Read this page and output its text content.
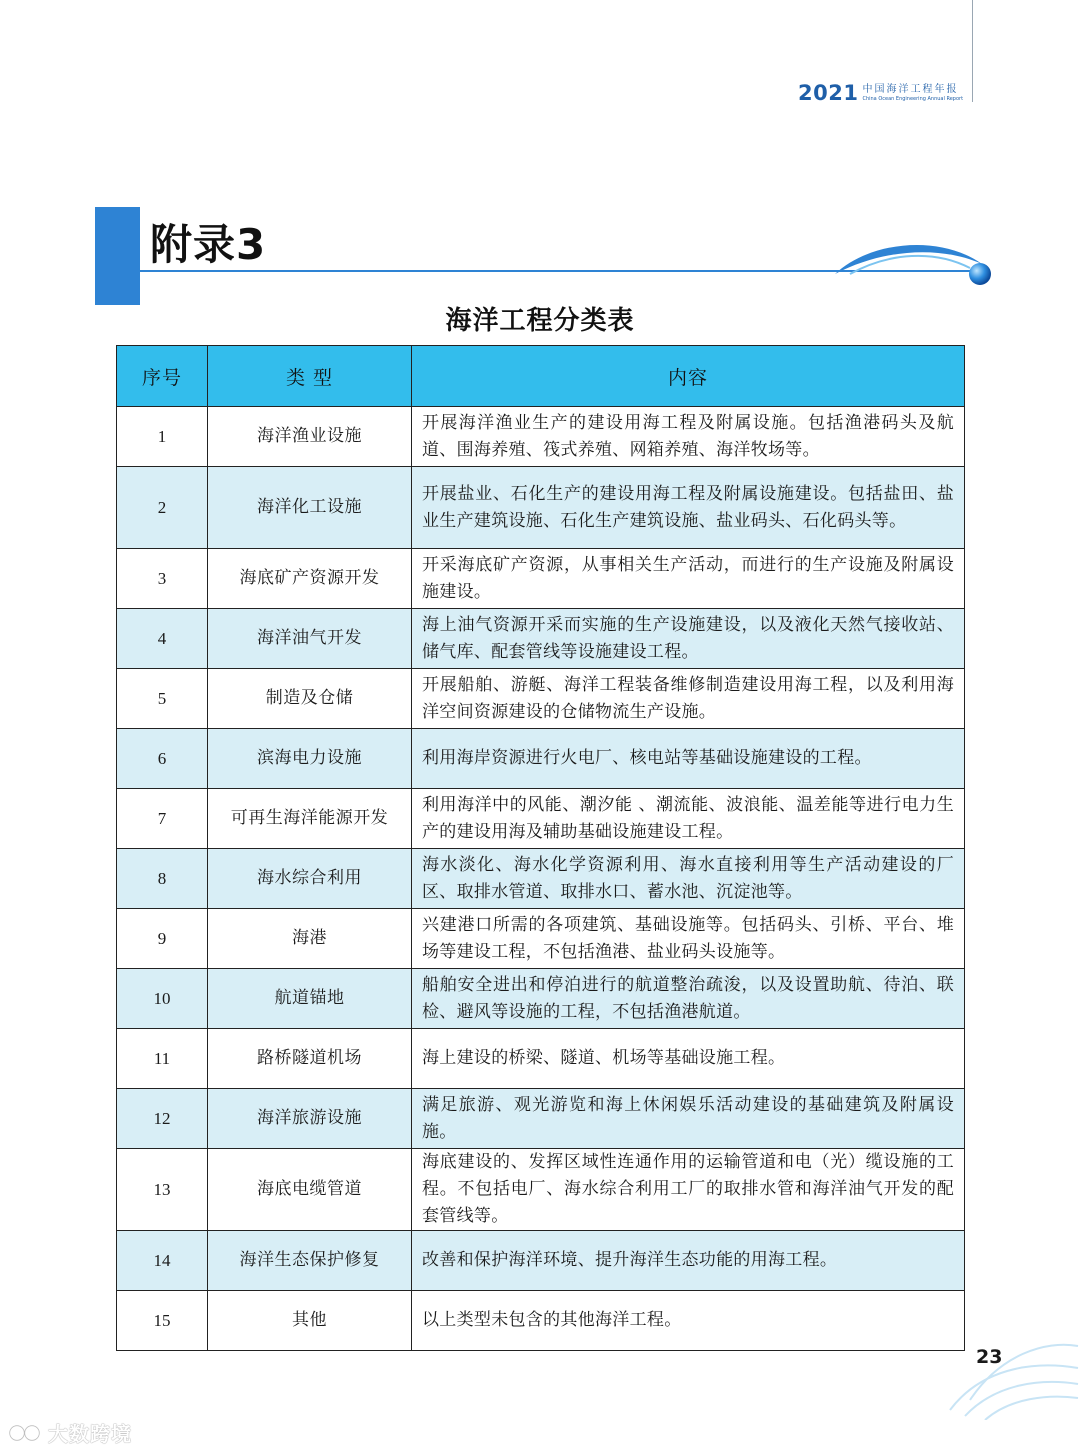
2021 中国海洋工程年报
China Ocean Engineering Annual Report
附录3
海洋工程分类表
序号	类 型	内容
1	海洋渔业设施	开展海洋渔业生产的建设用海工程及附属设施。包括渔港码头及航道、围海养殖、筏式养殖、网箱养殖、海洋牧场等。
2	海洋化工设施	开展盐业、石化生产的建设用海工程及附属设施建设。包括盐田、盐业生产建筑设施、石化生产建筑设施、盐业码头、石化码头等。
3	海底矿产资源开发	开采海底矿产资源，从事相关生产活动，而进行的生产设施及附属设施建设。
4	海洋油气开发	海上油气资源开采而实施的生产设施建设，以及液化天然气接收站、储气库、配套管线等设施建设工程。
5	制造及仓储	开展船舶、游艇、海洋工程装备维修制造建设用海工程，以及利用海洋空间资源建设的仓储物流生产设施。
6	滨海电力设施	利用海岸资源进行火电厂、核电站等基础设施建设的工程。
7	可再生海洋能源开发	利用海洋中的风能、潮汐能 、潮流能、波浪能、温差能等进行电力生产的建设用海及辅助基础设施建设工程。
8	海水综合利用	海水淡化、海水化学资源利用、海水直接利用等生产活动建设的厂区、取排水管道、取排水口、蓄水池、沉淀池等。
9	海港	兴建港口所需的各项建筑、基础设施等。包括码头、引桥、平台、堆场等建设工程，不包括渔港、盐业码头设施等。
10	航道锚地	船舶安全进出和停泊进行的航道整治疏浚，以及设置助航、待泊、联检、避风等设施的工程，不包括渔港航道。
11	路桥隧道机场	海上建设的桥梁、隧道、机场等基础设施工程。
12	海洋旅游设施	满足旅游、观光游览和海上休闲娱乐活动建设的基础建筑及附属设施。
13	海底电缆管道	海底建设的、发挥区域性连通作用的运输管道和电（光）缆设施的工程。不包括电厂、海水综合利用工厂的取排水管和海洋油气开发的配套管线等。
14	海洋生态保护修复	改善和保护海洋环境、提升海洋生态功能的用海工程。
15	其他	以上类型未包含的其他海洋工程。
23
大数跨境
